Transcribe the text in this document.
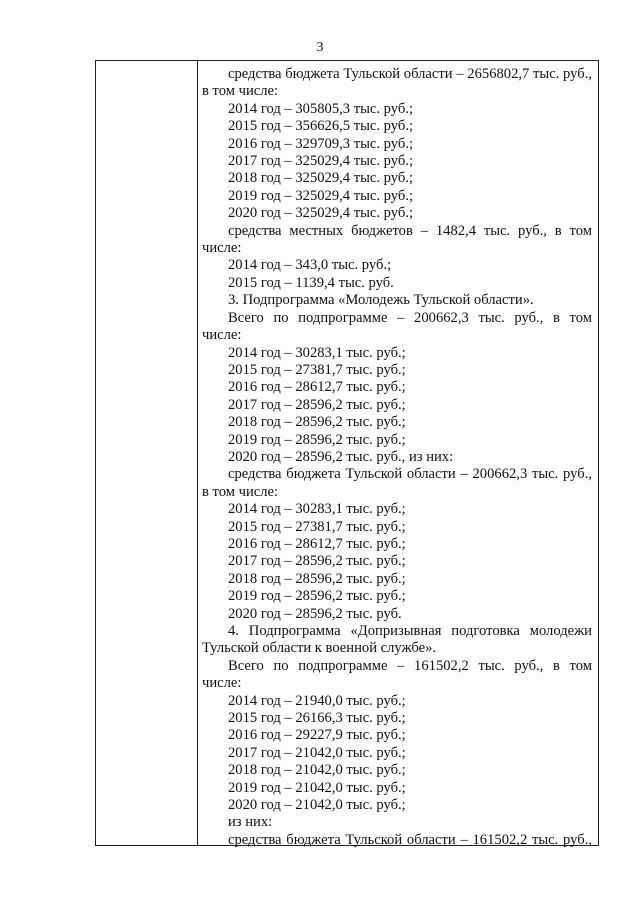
3
средства бюджета Тульской области – 2656802,7 тыс. руб.,
в том числе:
2014 год – 305805,3 тыс. руб.;
2015 год – 356626,5 тыс. руб.;
2016 год – 329709,3 тыс. руб.;
2017 год – 325029,4 тыс. руб.;
2018 год – 325029,4 тыс. руб.;
2019 год – 325029,4 тыс. руб.;
2020 год – 325029,4 тыс. руб.;
средства местных бюджетов – 1482,4 тыс. руб., в том
числе:
2014 год – 343,0 тыс. руб.;
2015 год – 1139,4 тыс. руб.
3. Подпрограмма «Молодежь Тульской области».
Всего по подпрограмме – 200662,3 тыс. руб., в том
числе:
2014 год – 30283,1 тыс. руб.;
2015 год – 27381,7 тыс. руб.;
2016 год – 28612,7 тыс. руб.;
2017 год – 28596,2 тыс. руб.;
2018 год – 28596,2 тыс. руб.;
2019 год – 28596,2 тыс. руб.;
2020 год – 28596,2 тыс. руб., из них:
средства бюджета Тульской области – 200662,3 тыс. руб.,
в том числе:
2014 год – 30283,1 тыс. руб.;
2015 год – 27381,7 тыс. руб.;
2016 год – 28612,7 тыс. руб.;
2017 год – 28596,2 тыс. руб.;
2018 год – 28596,2 тыс. руб.;
2019 год – 28596,2 тыс. руб.;
2020 год – 28596,2 тыс. руб.
4. Подпрограмма «Допризывная подготовка молодежи
Тульской области к военной службе».
Всего по подпрограмме – 161502,2 тыс. руб., в том
числе:
2014 год – 21940,0 тыс. руб.;
2015 год – 26166,3 тыс. руб.;
2016 год – 29227,9 тыс. руб.;
2017 год – 21042,0 тыс. руб.;
2018 год – 21042,0 тыс. руб.;
2019 год – 21042,0 тыс. руб.;
2020 год – 21042,0 тыс. руб.;
из них:
средства бюджета Тульской области – 161502,2 тыс. руб.,
